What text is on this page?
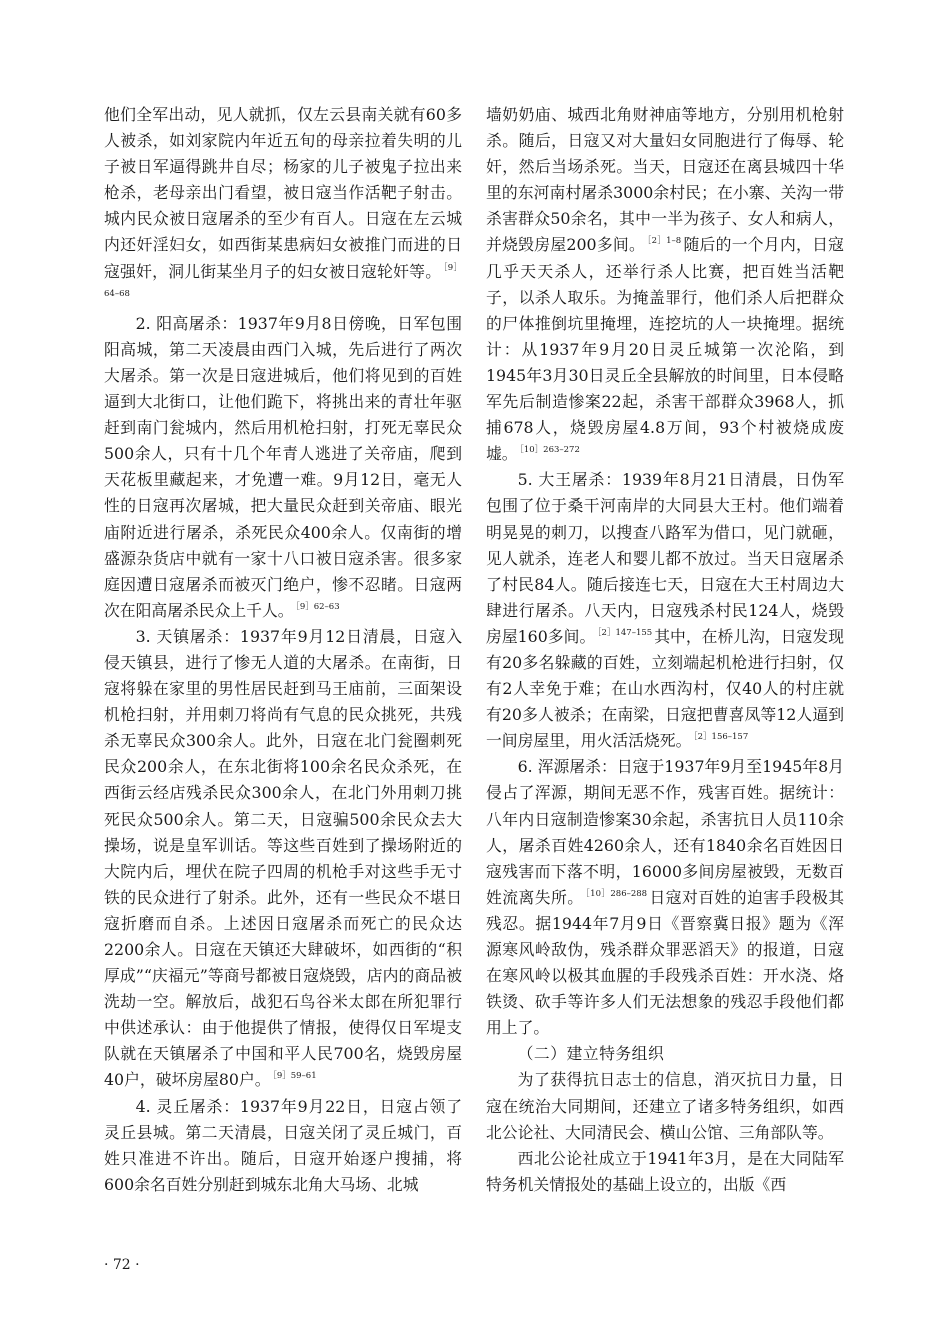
他们全军出动，见人就抓，仅左云县南关就有60多人被杀，如刘家院内年近五旬的母亲拉着失明的儿子被日军逼得跳井自尽；杨家的儿子被鬼子拉出来枪杀，老母亲出门看望，被日寇当作活靶子射击。城内民众被日寇屠杀的至少有百人。日寇在左云城内还奸淫妇女，如西街某患病妇女被推门而进的日寇强奸，洞儿街某坐月子的妇女被日寇轮奸等。 $^{[9]64-68}$

2. 阳高屠杀：1937年9月8日傍晚，日军包围阳高城，第二天凌晨由西门入城，先后进行了两次大屠杀。第一次是日寇进城后，他们将见到的百姓逼到大北街口，让他们跪下，将挑出来的青壮年驱赶到南门瓮城内，然后用机枪扫射，打死无辜民众500余人，只有十几个年青人逃进了关帝庙，爬到天花板里藏起来，才免遭一难。9月12日，毫无人性的日寇再次屠城，把大量民众赶到关帝庙、眼光庙附近进行屠杀，杀死民众400余人。仅南街的增盛源杂货店中就有一家十八口被日寇杀害。很多家庭因遭日寇屠杀而被灭门绝户，惨不忍睹。日寇两次在阳高屠杀民众上千人。 $^{[9]62-63}$

3. 天镇屠杀：1937年9月12日清晨，日寇入侵天镇县，进行了惨无人道的大屠杀。在南街，日寇将躲在家里的男性居民赶到马王庙前，三面架设机枪扫射，并用刺刀将尚有气息的民众挑死，共残杀无辜民众300余人。此外，日寇在北门瓮圈刺死民众200余人，在东北街将100余名民众杀死，在西街云经店残杀民众300余人，在北门外用刺刀挑死民众500余人。第二天，日寇骗500余民众去大操场，说是皇军训话。等这些百姓到了操场附近的大院内后，埋伏在院子四周的机枪手对这些手无寸铁的民众进行了射杀。此外，还有一些民众不堪日寇折磨而自杀。上述因日寇屠杀而死亡的民众达2200余人。日寇在天镇还大肆破坏，如西街的“积厚成”“庆福元”等商号都被日寇烧毁，店内的商品被洗劫一空。解放后，战犯石鸟谷米太郎在所犯罪行中供述承认：由于他提供了情报，使得仅日军堤支队就在天镇屠杀了中国和平人民700名，烧毁房屋40户，破坏房屋80户。 $^{[9]59-61}$

4. 灵丘屠杀：1937年9月22日，日寇占领了灵丘县城。第二天清晨，日寇关闭了灵丘城门，百姓只准进不许出。随后，日寇开始逐户搜捕，将600余名百姓分别赶到城东北角大马场、北城

墙奶奶庙、城西北角财神庙等地方，分别用机枪射杀。随后，日寇又对大量妇女同胞进行了侮辱、轮奸，然后当场杀死。当天，日寇还在离县城四十华里的东河南村屠杀3000余村民；在小寨、关沟一带杀害群众50余名，其中一半为孩子、女人和病人，并烧毁房屋200多间。 $^{[2]1-8}$ 随后的一个月内，日寇几乎天天杀人，还举行杀人比赛，把百姓当活靶子，以杀人取乐。为掩盖罪行，他们杀人后把群众的尸体推倒坑里掩埋，连挖坑的人一块掩埋。据统计：从1937年9月20日灵丘城第一次沦陷，到1945年3月30日灵丘全县解放的时间里，日本侵略军先后制造惨案22起，杀害干部群众3968人，抓捕678人，烧毁房屋4.8万间，93个村被烧成废墟。 $^{[10]263-272}$

5. 大王屠杀：1939年8月21日清晨，日伪军包围了位于桑干河南岸的大同县大王村。他们端着明晃晃的刺刀，以搜查八路军为借口，见门就砸，见人就杀，连老人和婴儿都不放过。当天日寇屠杀了村民84人。随后接连七天，日寇在大王村周边大肆进行屠杀。八天内，日寇残杀村民124人，烧毁房屋160多间。 $^{[2]147-155}$ 其中，在桥儿沟，日寇发现有20多名躲藏的百姓，立刻端起机枪进行扫射，仅有2人幸免于难；在山水西沟村，仅40人的村庄就有20多人被杀；在南梁，日寇把曹喜凤等12人逼到一间房屋里，用火活活烧死。 $^{[2]156-157}$

6. 浑源屠杀：日寇于1937年9月至1945年8月侵占了浑源，期间无恶不作，残害百姓。据统计：八年内日寇制造惨案30余起，杀害抗日人员110余人，屠杀百姓4260余人，还有1840余名百姓因日寇残害而下落不明，16000多间房屋被毁，无数百姓流离失所。 $^{[10]286-288}$ 日寇对百姓的迫害手段极其残忍。据1944年7月9日《晋察冀日报》题为《浑源寒风岭敌伪，残杀群众罪恶滔天》的报道，日寇在寒风岭以极其血腥的手段残杀百姓：开水浇、烙铁烫、砍手等许多人们无法想象的残忍手段他们都用上了。

（二）建立特务组织

为了获得抗日志士的信息，消灭抗日力量，日寇在统治大同期间，还建立了诸多特务组织，如西北公论社、大同清民会、横山公馆、三角部队等。

西北公论社成立于1941年3月，是在大同陆军特务机关情报处的基础上设立的，出版《西

· 72 ·
